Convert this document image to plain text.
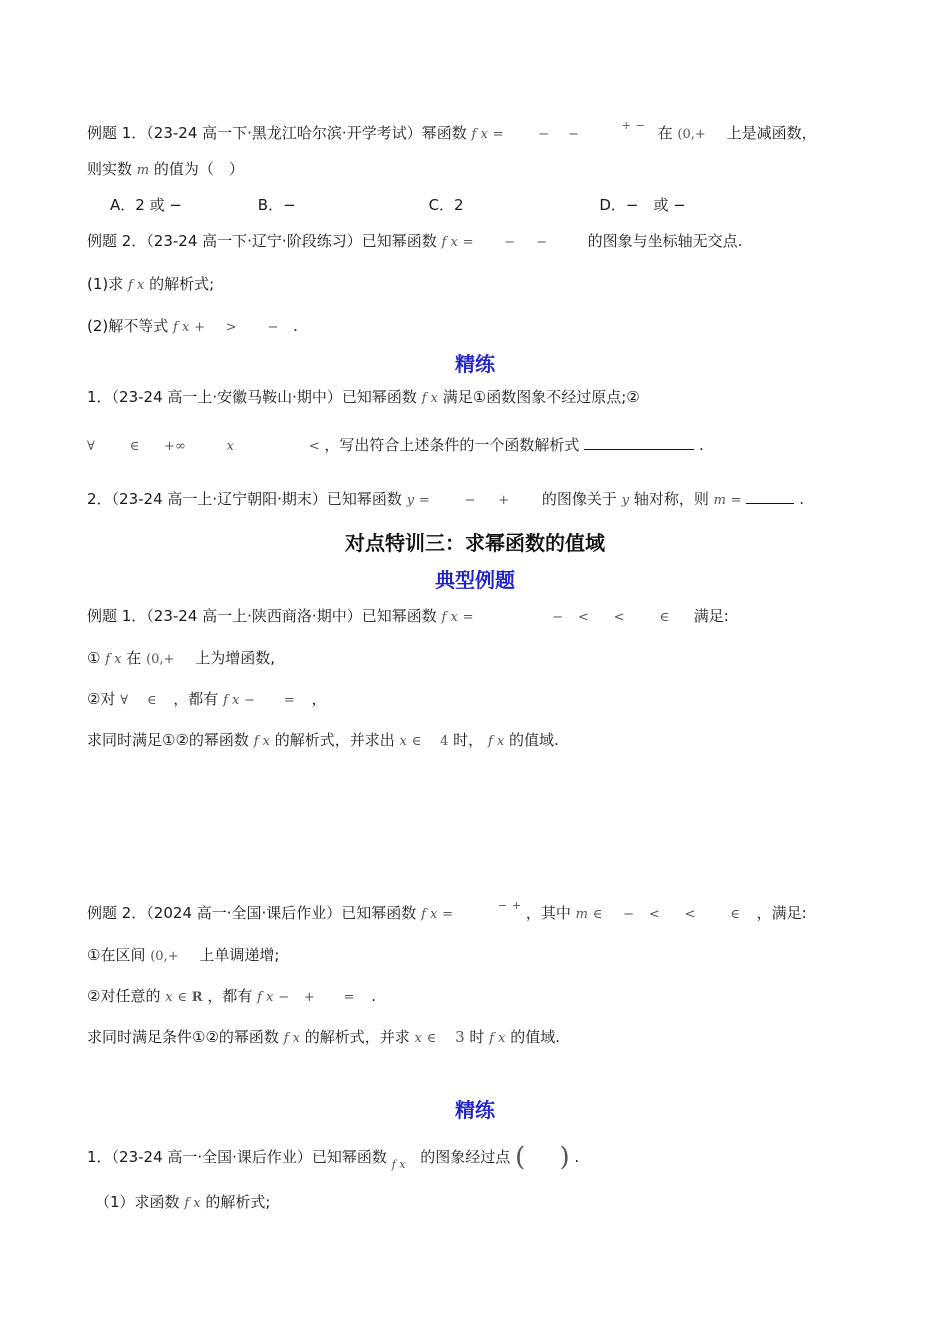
例题 1．（23-24 高一下·黑龙江哈尔滨·开学考试）幂函数 f x =	− − + − 在 (0,+ 上是减函数，
则实数 m 的值为（　）
A．2 或 −	B．−	C．2	D．−　或 −
例题 2．（23-24 高一下·辽宁·阶段练习）已知幂函数 f x = − −	的图象与坐标轴无交点.
(1)求 f x 的解析式;
(2)解不等式 f x + > − .
精练
1．（23-24 高一上·安徽马鞍山·期中）已知幂函数 f x 满足①函数图象不经过原点;②
∀	∈ +∞	x	< ，写出符合上述条件的一个函数解析式	.
2．（23-24 高一上·辽宁朝阳·期末）已知幂函数 y =	− + 的图像关于 y 轴对称，则 m =	.
对点特训三：求幂函数的值域
典型例题
例题 1．（23-24 高一上·陕西商洛·期中）已知幂函数 f x =	− < <	∈ 满足:
① f x 在 (0,+ 上为增函数,
②对 ∀ ∈ ，都有 f x − = ，
求同时满足①②的幂函数 f x 的解析式，并求出 x ∈ 4 时， f x 的值域.
例题 2．（2024 高一·全国·课后作业）已知幂函数 f x = − + ，其中 m ∈ − < <	∈ ，满足:
①在区间 (0,+ 上单调递增;
②对任意的 x ∈ R ，都有 f x − + = .
求同时满足条件①②的幂函数 f x 的解析式，并求 x ∈ 3 时 f x 的值域.
精练
1．（23-24 高一·全国·课后作业）已知幂函数 $_{f x}$ 的图象经过点 (　 ) .
（1）求函数 f x 的解析式;
